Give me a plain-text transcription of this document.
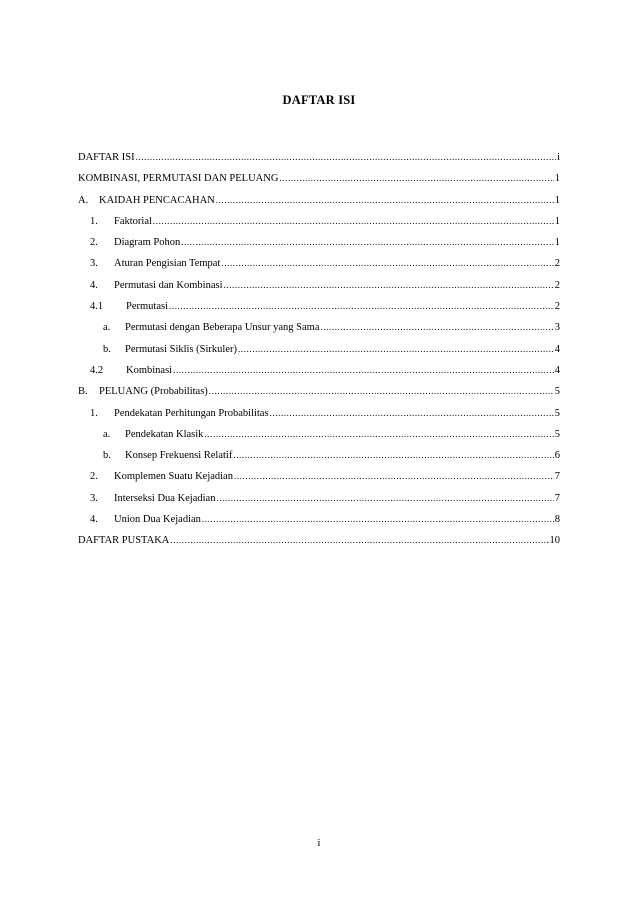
DAFTAR ISI
DAFTAR ISI .....	i
KOMBINASI, PERMUTASI DAN PELUANG .....	1
A.	KAIDAH PENCACAHAN .....	1
1.	Faktorial .....	1
2.	Diagram Pohon .....	1
3.	Aturan Pengisian Tempat .....	2
4.	Permutasi dan Kombinasi .....	2
4.1	Permutasi .....	2
a.	Permutasi dengan Beberapa Unsur yang Sama .....	3
b.	Permutasi Siklis (Sirkuler) .....	4
4.2	Kombinasi .....	4
B.	PELUANG (Probabilitas) .....	5
1.	Pendekatan Perhitungan Probabilitas .....	5
a.	Pendekatan Klasik .....	5
b.	Konsep Frekuensi Relatif .....	6
2.	Komplemen Suatu Kejadian .....	7
3.	Interseksi Dua Kejadian .....	7
4.	Union Dua Kejadian .....	8
DAFTAR PUSTAKA .....	10
i
